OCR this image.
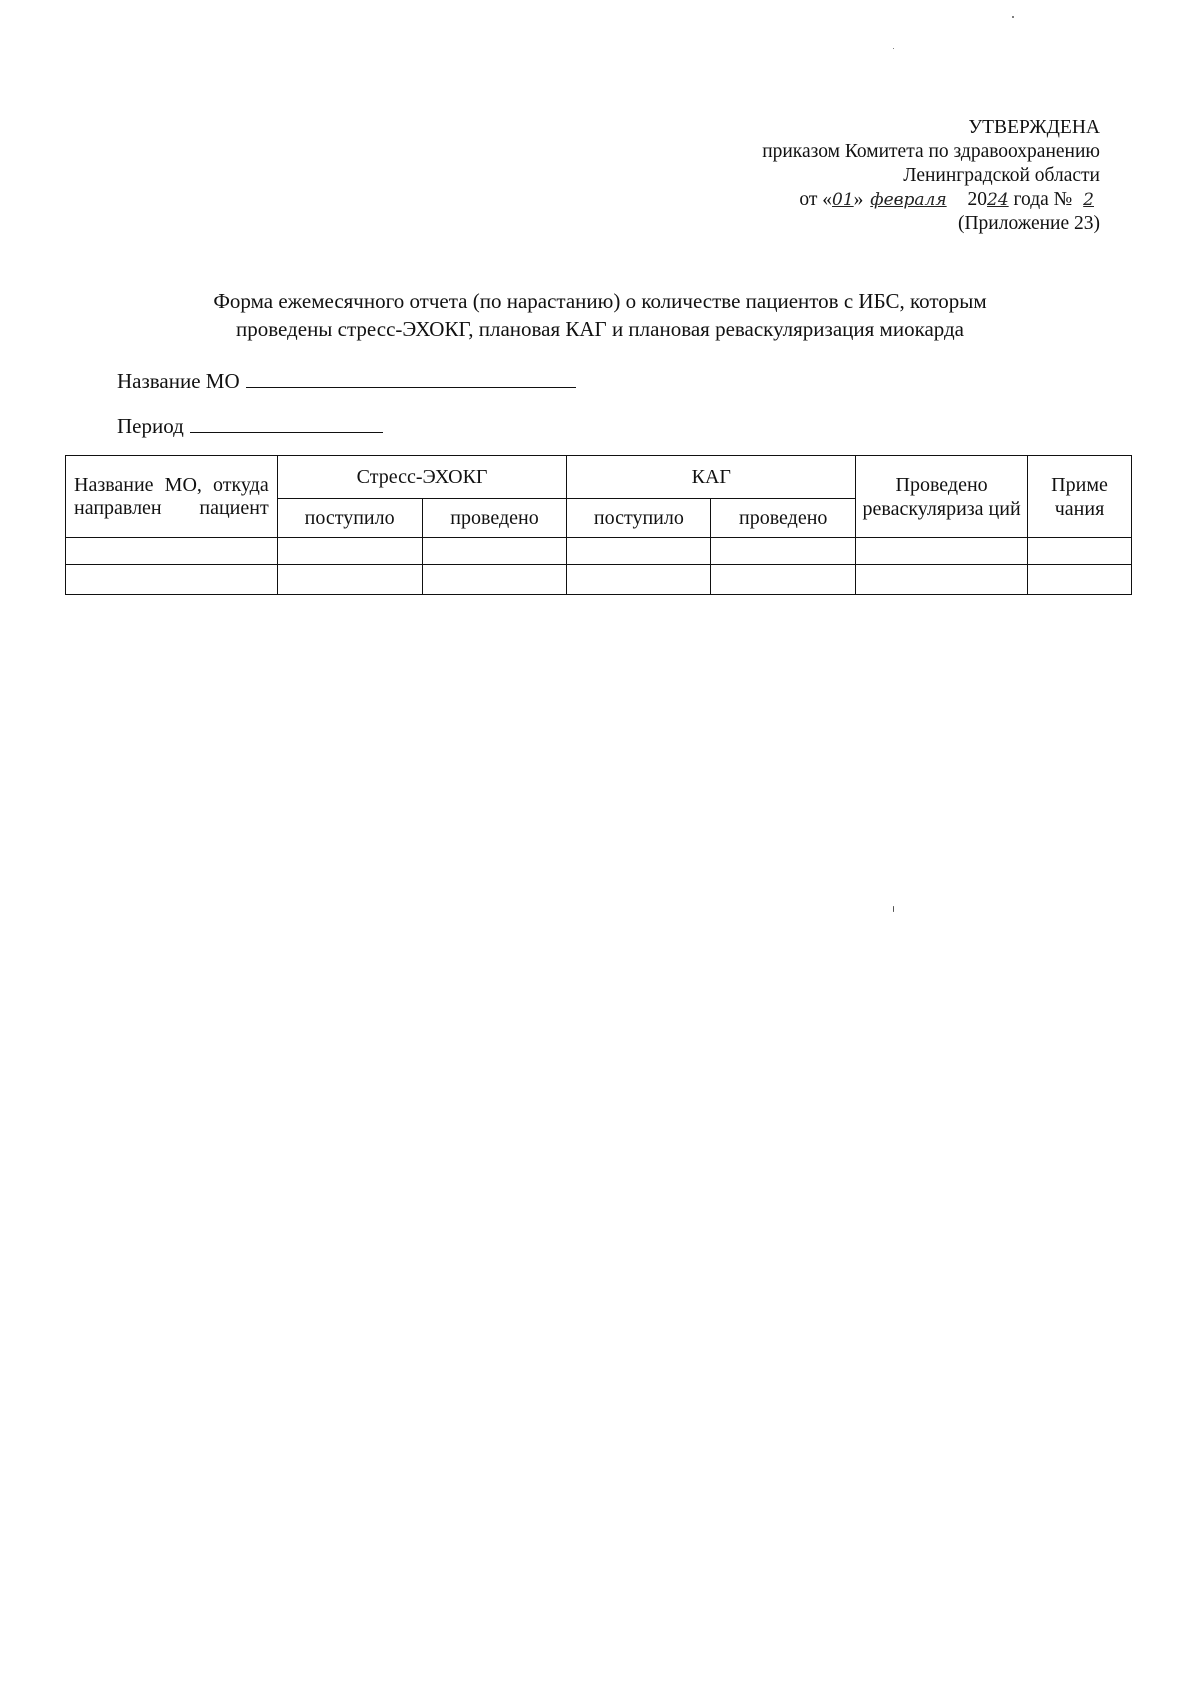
УТВЕРЖДЕНА
приказом Комитета по здравоохранению
Ленинградской области
от «01» февраля 2024 года № 2
(Приложение 23)
Форма ежемесячного отчета (по нарастанию) о количестве пациентов с ИБС, которым
проведены стресс-ЭХОКГ, плановая КАГ и плановая реваскуляризация миокарда
Название МО
Период
Название МО, откуда направлен пациент	Стресс-ЭХОКГ		КАГ		Проведено реваскуляриза ций	Приме чания
	поступило	проведено	поступило	проведено		
